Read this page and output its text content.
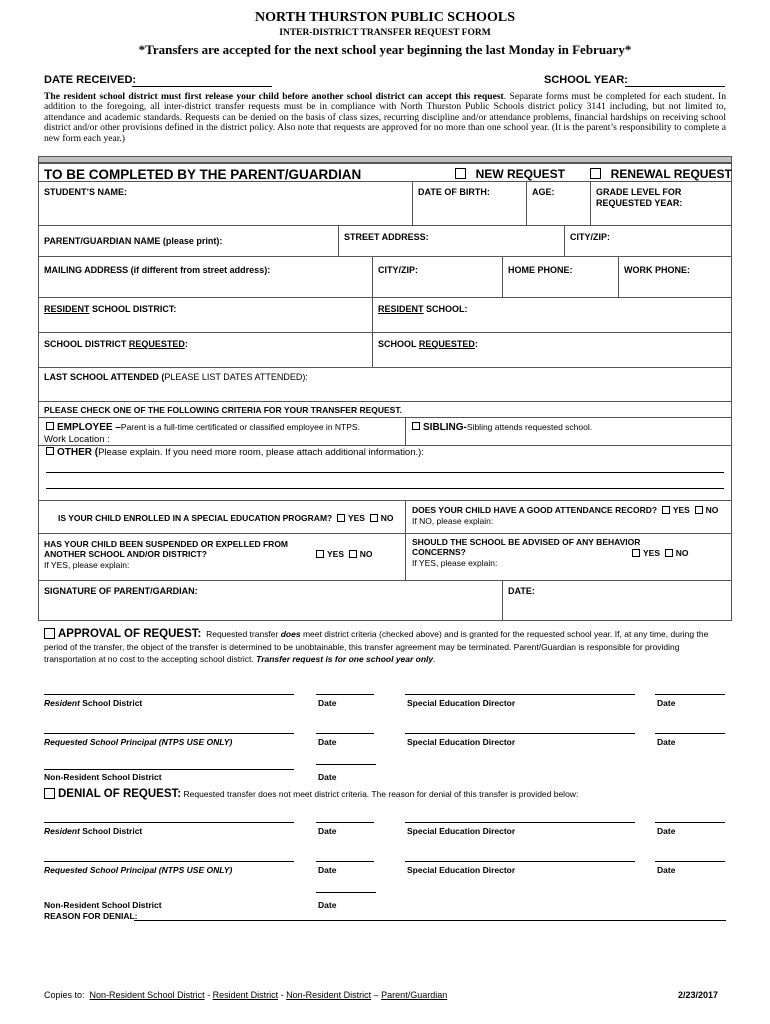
NORTH THURSTON PUBLIC SCHOOLS
INTER-DISTRICT TRANSFER REQUEST FORM
*Transfers are accepted for the next school year beginning the last Monday in February*
DATE RECEIVED:	SCHOOL YEAR:
The resident school district must first release your child before another school district can accept this request. Separate forms must be completed for each student. In addition to the foregoing, all inter-district transfer requests must be in compliance with North Thurston Public Schools district policy 3141 including, but not limited to, attendance and academic standards. Requests can be denied on the basis of class sizes, recurring discipline and/or attendance problems, financial hardships on receiving school district and/or other provisions defined in the district policy. Also note that requests are approved for no more than one school year. (It is the parent’s responsibility to complete a new form each year.)
TO BE COMPLETED BY THE PARENT/GUARDIAN	NEW REQUEST	RENEWAL REQUEST
STUDENT’S NAME:	DATE OF BIRTH:	AGE:	GRADE LEVEL FOR REQUESTED YEAR:
PARENT/GUARDIAN NAME (please print):	STREET ADDRESS:	CITY/ZIP:
MAILING ADDRESS (if different from street address):	CITY/ZIP:	HOME PHONE:	WORK PHONE:
RESIDENT SCHOOL DISTRICT:	RESIDENT SCHOOL:
SCHOOL DISTRICT REQUESTED:	SCHOOL REQUESTED:
LAST SCHOOL ATTENDED (PLEASE LIST DATES ATTENDED):
PLEASE CHECK ONE OF THE FOLLOWING CRITERIA FOR YOUR TRANSFER REQUEST.
EMPLOYEE –Parent is a full-time certificated or classified employee in NTPS.
Work Location :
SIBLING-Sibling attends requested school.
OTHER (Please explain. If you need more room, please attach additional information.):
IS YOUR CHILD ENROLLED IN A SPECIAL EDUCATION PROGRAM? YES NO
DOES YOUR CHILD HAVE A GOOD ATTENDANCE RECORD? YES NO
If NO, please explain:
HAS YOUR CHILD BEEN SUSPENDED OR EXPELLED FROM ANOTHER SCHOOL AND/OR DISTRICT?	YES NO
If YES, please explain:
SHOULD THE SCHOOL BE ADVISED OF ANY BEHAVIOR CONCERNS?	YES NO
If YES, please explain:
SIGNATURE OF PARENT/GARDIAN:	DATE:
APPROVAL OF REQUEST: Requested transfer does meet district criteria (checked above) and is granted for the requested school year. If, at any time, during the period of the transfer, the object of the transfer is determined to be unobtainable, this transfer agreement may be terminated. Parent/Guardian is responsible for providing transportation at no cost to the accepting school district. Transfer request is for one school year only.
Resident School District	Date	Special Education Director	Date
Requested School Principal (NTPS USE ONLY)	Date	Special Education Director	Date
Non-Resident School District	Date
DENIAL OF REQUEST: Requested transfer does not meet district criteria. The reason for denial of this transfer is provided below:
Resident School District	Date	Special Education Director	Date
Requested School Principal (NTPS USE ONLY)	Date	Special Education Director	Date
Non-Resident School District	Date
REASON FOR DENIAL:
Copies to: Non-Resident School District - Resident District - Non-Resident District – Parent/Guardian	2/23/2017
